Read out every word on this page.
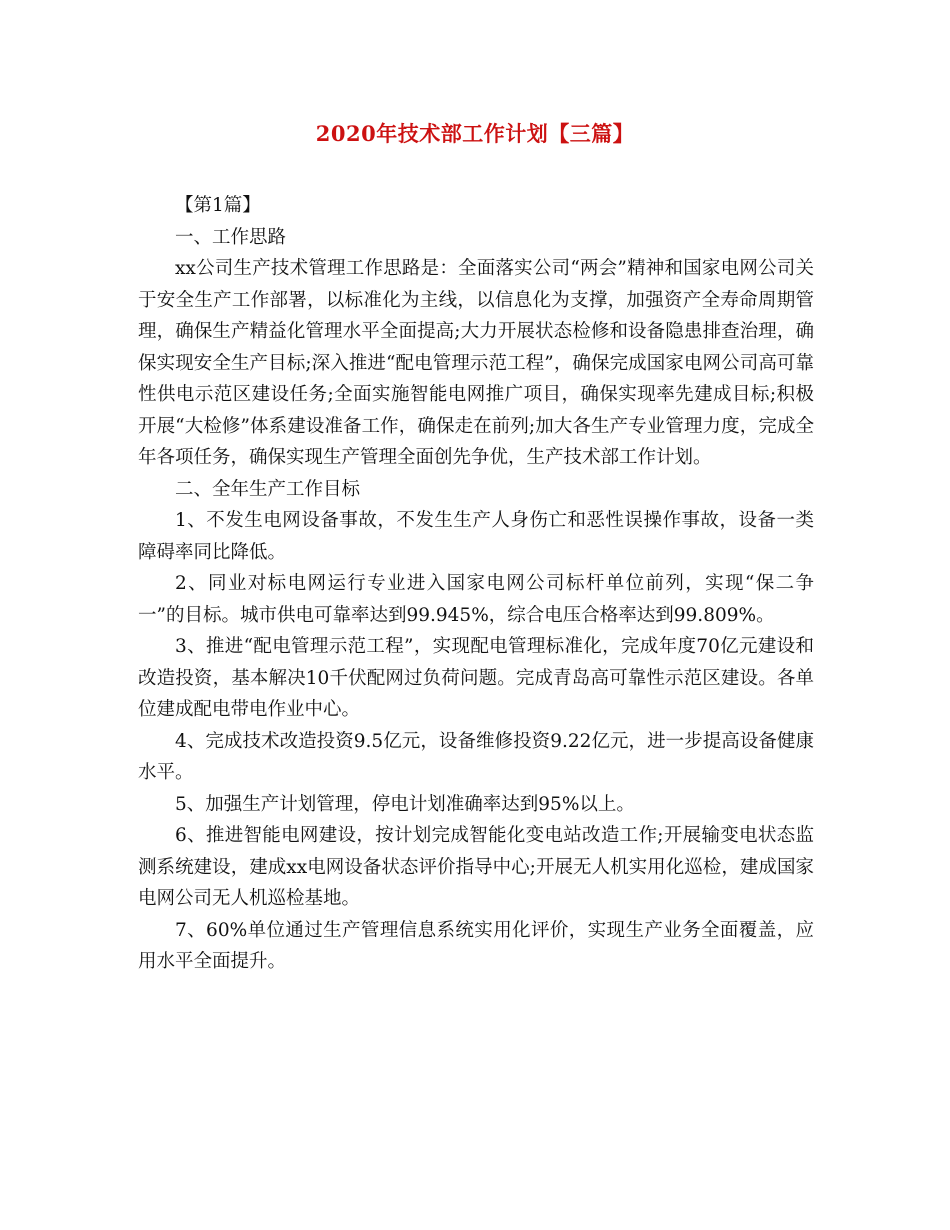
2020年技术部工作计划【三篇】

【第1篇】

一、工作思路

xx公司生产技术管理工作思路是：全面落实公司“两会”精神和国家电网公司关于安全生产工作部署，以标准化为主线，以信息化为支撑，加强资产全寿命周期管理，确保生产精益化管理水平全面提高;大力开展状态检修和设备隐患排查治理，确保实现安全生产目标;深入推进“配电管理示范工程”，确保完成国家电网公司高可靠性供电示范区建设任务;全面实施智能电网推广项目，确保实现率先建成目标;积极开展“大检修”体系建设准备工作，确保走在前列;加大各生产专业管理力度，完成全年各项任务，确保实现生产管理全面创先争优，生产技术部工作计划。

二、全年生产工作目标

1、不发生电网设备事故，不发生生产人身伤亡和恶性误操作事故，设备一类障碍率同比降低。

2、同业对标电网运行专业进入国家电网公司标杆单位前列，实现“保二争一”的目标。城市供电可靠率达到99.945%，综合电压合格率达到99.809%。

3、推进“配电管理示范工程”，实现配电管理标准化，完成年度70亿元建设和改造投资，基本解决10千伏配网过负荷问题。完成青岛高可靠性示范区建设。各单位建成配电带电作业中心。

4、完成技术改造投资9.5亿元，设备维修投资9.22亿元，进一步提高设备健康水平。

5、加强生产计划管理，停电计划准确率达到95%以上。

6、推进智能电网建设，按计划完成智能化变电站改造工作;开展输变电状态监测系统建设，建成xx电网设备状态评价指导中心;开展无人机实用化巡检，建成国家电网公司无人机巡检基地。

7、60%单位通过生产管理信息系统实用化评价，实现生产业务全面覆盖，应用水平全面提升。
